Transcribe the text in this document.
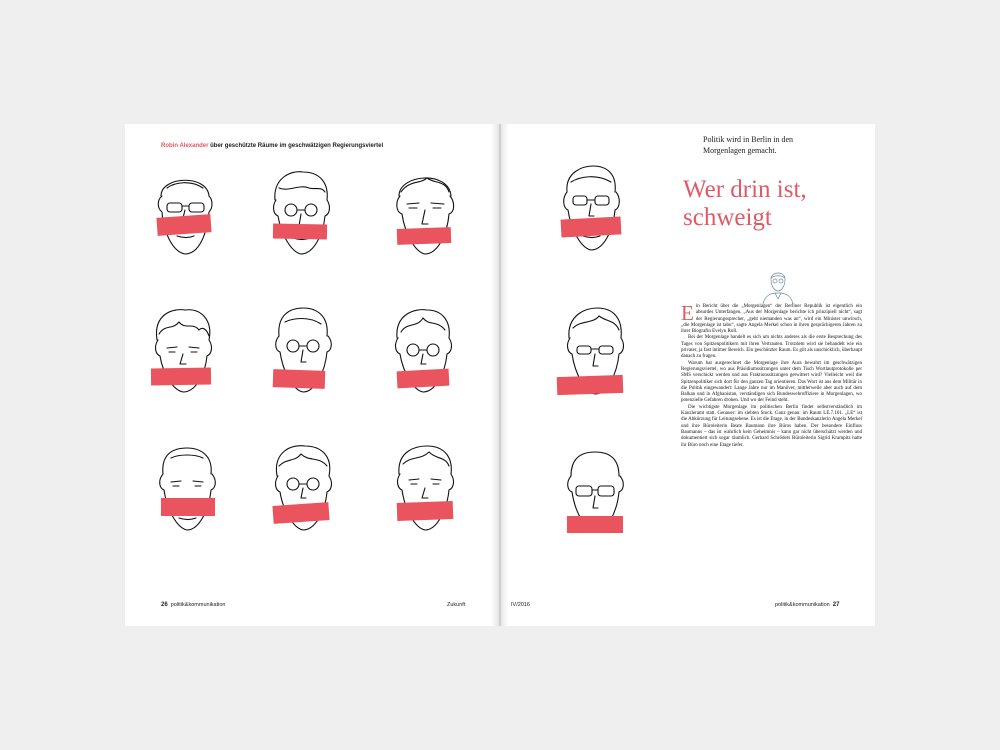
Robin Alexander über geschützte Räume im geschwätzigen Regierungsviertel
26 politik&kommunikation	Zukunft
Politik wird in Berlin in den Morgenlagen gemacht.
Wer drin ist,
schweigt

Ein Bericht über die „Morgenlagen“ der Berliner Republik ist eigentlich ein absurdes Unterfangen. „Aus der Morgenlage berichte ich prinzipiell nicht“, sagt der Regierungssprecher, „geht niemanden was an“, wird ein Minister unwirsch, „die Morgenlage ist tabu“, sagte Angela Merkel schon in ihren gesprächigeren Jahren zu ihrer Biografin Evelyn Roll.

Bei der Morgenlage handelt es sich um nichts anderes als die erste Besprechung des Tages von Spitzenpolitikern mit ihren Vertrauten. Trotzdem wird sie behandelt wie ein privater, ja fast intimer Bereich. Ein geschützter Raum. Es gilt als unschicklich, überhaupt danach zu fragen.

Warum hat ausgerechnet die Morgenlage ihre Aura bewahrt im geschwätzigen Regierungsviertel, wo aus Präsidiumssitzungen unter dem Tisch Wortlautprotokolle per SMS verschickt werden und aus Fraktionssitzungen getwittert wird? Vielleicht weil die Spitzenpolitiker sich dort für den ganzen Tag orientieren. Das Wort ist aus dem Militär in die Politik eingewandert: Lange Jahre nur im Manöver, mittlerweile aber auch auf dem Balkan und in Afghanistan, verständigen sich Bundeswehroffiziere in Morgenlagen, wo potenzielle Gefahren drohen. Und wo der Feind steht.

Die wichtigste Morgenlage im politischen Berlin findet selbstverständlich im Kanzleramt statt. Genauer: im siebten Stock. Ganz genau: im Raum LE.7.101. „LE“ ist die Abkürzung für Leitungsebene. Es ist die Etage, in der Bundeskanzlerin Angela Merkel und ihre Büroleiterin Beate Baumann ihre Büros haben. Der besondere Einfluss Baumanns – das ist wahrlich kein Geheimnis – kann gar nicht überschätzt werden und dokumentiert sich sogar räumlich. Gerhard Schröders Büroleiterin Sigrid Krampitz hatte ihr Büro noch eine Etage tiefer.

IV/2016	politik&kommunikation 27
